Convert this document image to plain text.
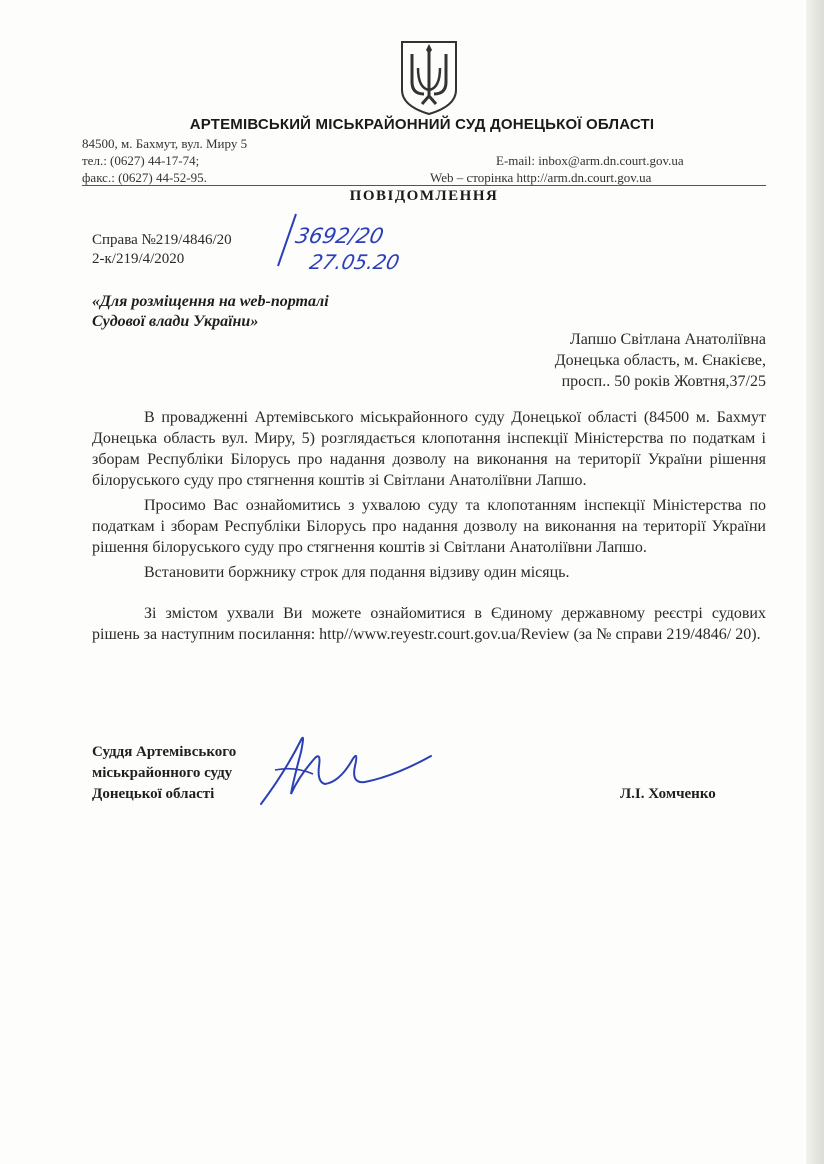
АРТЕМІВСЬКИЙ МІСЬКРАЙОННИЙ СУД ДОНЕЦЬКОЇ ОБЛАСТІ
84500, м. Бахмут, вул. Миру 5
тел.: (0627) 44-17-74;
факс.: (0627) 44-52-95.
E-mail: inbox@arm.dn.court.gov.ua
Web – сторінка http://arm.dn.court.gov.ua
ПОВІДОМЛЕННЯ
Справа №219/4846/20
2-к/219/4/2020
3692/20
27.05.20
«Для розміщення на web-порталі
Судової влади України»
Лапшо Світлана Анатоліївна
Донецька область, м. Єнакієве,
просп.. 50 років Жовтня,37/25

В провадженні Артемівського міськрайонного суду Донецької області (84500 м. Бахмут Донецька область вул. Миру, 5) розглядається клопотання інспекції Міністерства по податкам і зборам Республіки Білорусь про надання дозволу на виконання на території України рішення білоруського суду про стягнення коштів зі Світлани Анатоліївни Лапшо.

Просимо Вас ознайомитись з ухвалою суду та клопотанням інспекції Міністерства по податкам і зборам Республіки Білорусь про надання дозволу на виконання на території України рішення білоруського суду про стягнення коштів зі Світлани Анатоліївни Лапшо.

Встановити боржнику строк для подання відзиву один місяць.

Зі змістом ухвали Ви можете ознайомитися в Єдиному державному реєстрі судових рішень за наступним посилання: http//www.reyestr.court.gov.ua/Review (за № справи 219/4846/ 20).

Суддя Артемівського
міськрайонного суду
Донецької області	Л.І. Хомченко
